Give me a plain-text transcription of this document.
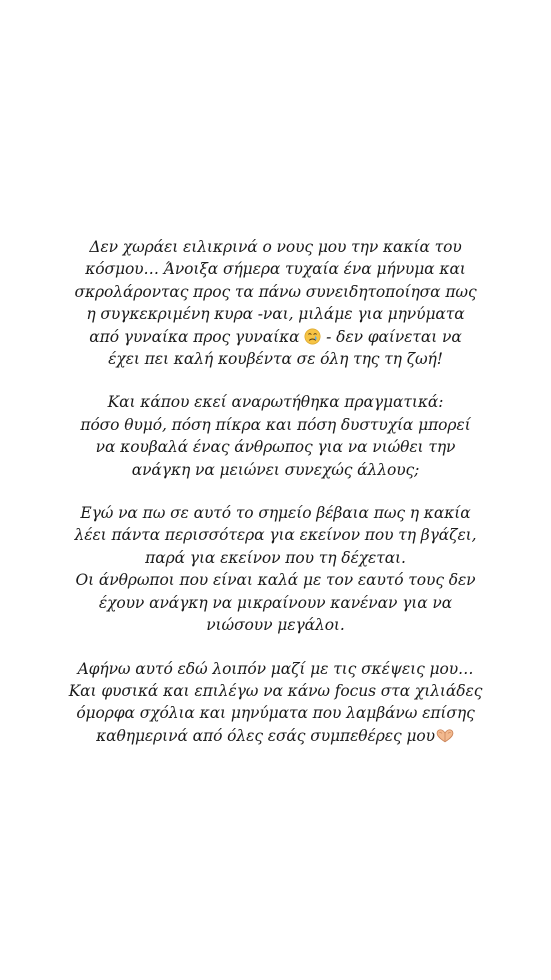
Δεν χωράει ειλικρινά ο νους μου την κακία του
κόσμου… Άνοιξα σήμερα τυχαία ένα μήνυμα και
σκρολάροντας προς τα πάνω συνειδητοποίησα πως
η συγκεκριμένη κυρα -ναι, μιλάμε για μηνύματα
από γυναίκα προς γυναίκα - δεν φαίνεται να
έχει πει καλή κουβέντα σε όλη της τη ζωή!

Και κάπου εκεί αναρωτήθηκα πραγματικά:
πόσο θυμό, πόση πίκρα και πόση δυστυχία μπορεί
να κουβαλά ένας άνθρωπος για να νιώθει την
ανάγκη να μειώνει συνεχώς άλλους;

Εγώ να πω σε αυτό το σημείο βέβαια πως η κακία
λέει πάντα περισσότερα για εκείνον που τη βγάζει,
παρά για εκείνον που τη δέχεται.
Οι άνθρωποι που είναι καλά με τον εαυτό τους δεν
έχουν ανάγκη να μικραίνουν κανέναν για να
νιώσουν μεγάλοι.

Αφήνω αυτό εδώ λοιπόν μαζί με τις σκέψεις μου…
Και φυσικά και επιλέγω να κάνω focus στα χιλιάδες
όμορφα σχόλια και μηνύματα που λαμβάνω επίσης
καθημερινά από όλες εσάς συμπεθέρες μου
